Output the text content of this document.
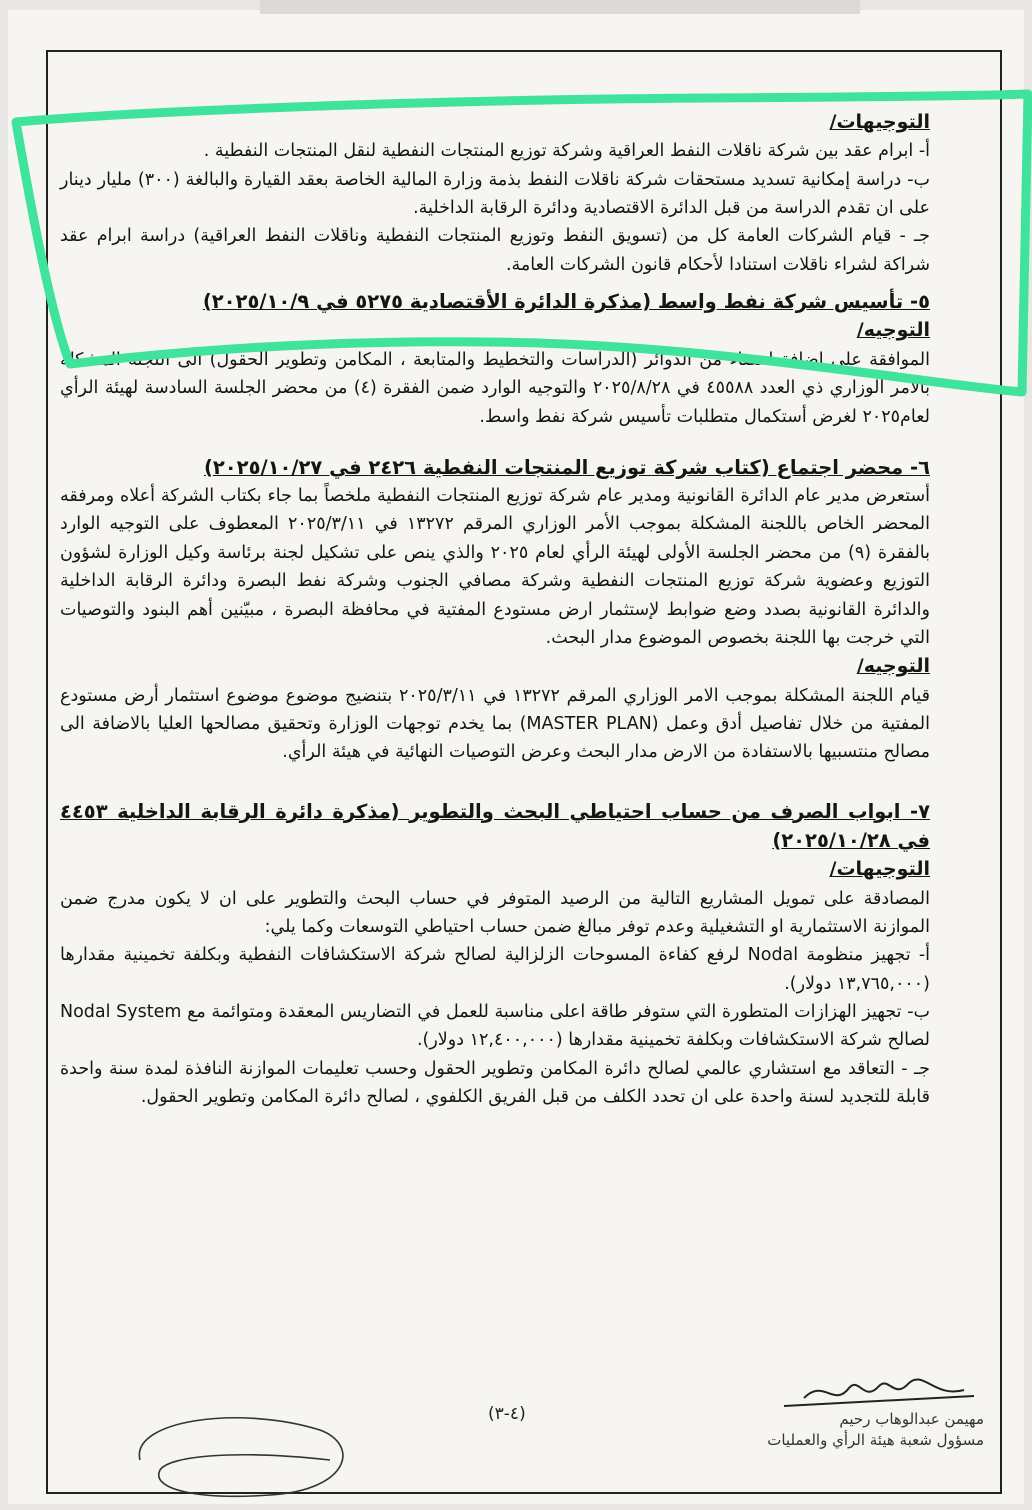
التوجيهات/

أ- ابرام عقد بين شركة ناقلات النفط العراقية وشركة توزيع المنتجات النفطية لنقل المنتجات النفطية .

ب- دراسة إمكانية تسديد مستحقات شركة ناقلات النفط بذمة وزارة المالية الخاصة بعقد القيارة والبالغة (٣٠٠) مليار دينار على ان تقدم الدراسة من قبل الدائرة الاقتصادية ودائرة الرقابة الداخلية.

جـ - قيام الشركات العامة كل من (تسويق النفط وتوزيع المنتجات النفطية وناقلات النفط العراقية) دراسة ابرام عقد شراكة لشراء ناقلات استنادا لأحكام قانون الشركات العامة.

٥- تأسيس شركة نفط واسط (مذكرة الدائرة الأقتصادية ٥٢٧٥ في ٢٠٢٥/١٠/٩)

التوجيه/

الموافقة على اضافة اعضاء من الدوائر (الدراسات والتخطيط والمتابعة ، المكامن وتطوير الحقول) الى اللجنة المشكلة بالأمر الوزاري ذي العدد ٤٥٥٨٨ في ٢٠٢٥/٨/٢٨ والتوجيه الوارد ضمن الفقرة (٤) من محضر الجلسة السادسة لهيئة الرأي لعام٢٠٢٥ لغرض أستكمال متطلبات تأسيس شركة نفط واسط.

٦- محضر اجتماع (كتاب شركة توزيع المنتجات النفطية ٢٤٢٦ في ٢٠٢٥/١٠/٢٧)

أستعرض مدير عام الدائرة القانونية ومدير عام شركة توزيع المنتجات النفطية ملخصاً بما جاء بكتاب الشركة أعلاه ومرفقه المحضر الخاص باللجنة المشكلة بموجب الأمر الوزاري المرقم ١٣٢٧٢ في ٢٠٢٥/٣/١١ المعطوف على التوجيه الوارد بالفقرة (٩) من محضر الجلسة الأولى لهيئة الرأي لعام ٢٠٢٥ والذي ينص على تشكيل لجنة برئاسة وكيل الوزارة لشؤون التوزيع وعضوية شركة توزيع المنتجات النفطية وشركة مصافي الجنوب وشركة نفط البصرة ودائرة الرقابة الداخلية والدائرة القانونية بصدد وضع ضوابط لإستثمار ارض مستودع المفتية في محافظة البصرة ، مبيّنين أهم البنود والتوصيات التي خرجت بها اللجنة بخصوص الموضوع مدار البحث.

التوجيه/

قيام اللجنة المشكلة بموجب الامر الوزاري المرقم ١٣٢٧٢ في ٢٠٢٥/٣/١١ بتنضيج موضوع موضوع استثمار أرض مستودع المفتية من خلال تفاصيل أدق وعمل (MASTER PLAN) بما يخدم توجهات الوزارة وتحقيق مصالحها العليا بالاضافة الى مصالح منتسبيها بالاستفادة من الارض مدار البحث وعرض التوصيات النهائية في هيئة الرأي.

٧- ابواب الصرف من حساب احتياطي البحث والتطوير (مذكرة دائرة الرقابة الداخلية ٤٤٥٣ في ٢٠٢٥/١٠/٢٨)

التوجيهات/

المصادقة على تمويل المشاريع التالية من الرصيد المتوفر في حساب البحث والتطوير على ان لا يكون مدرج ضمن الموازنة الاستثمارية او التشغيلية وعدم توفر مبالغ ضمن حساب احتياطي التوسعات وكما يلي:

أ- تجهيز منظومة Nodal لرفع كفاءة المسوحات الزلزالية لصالح شركة الاستكشافات النفطية وبكلفة تخمينية مقدارها (١٣,٧٦٥,٠٠٠ دولار).

ب- تجهيز الهزازات المتطورة التي ستوفر طاقة اعلى مناسبة للعمل في التضاريس المعقدة ومتوائمة مع Nodal System لصالح شركة الاستكشافات وبكلفة تخمينية مقدارها (١٢,٤٠٠,٠٠٠ دولار).

جـ - التعاقد مع استشاري عالمي لصالح دائرة المكامن وتطوير الحقول وحسب تعليمات الموازنة النافذة لمدة سنة واحدة قابلة للتجديد لسنة واحدة على ان تحدد الكلف من قبل الفريق الكلفوي ، لصالح دائرة المكامن وتطوير الحقول.

(٤-٣)	مهيمن عبدالوهاب رحيم
مسؤول شعبة هيئة الرأي والعمليات
